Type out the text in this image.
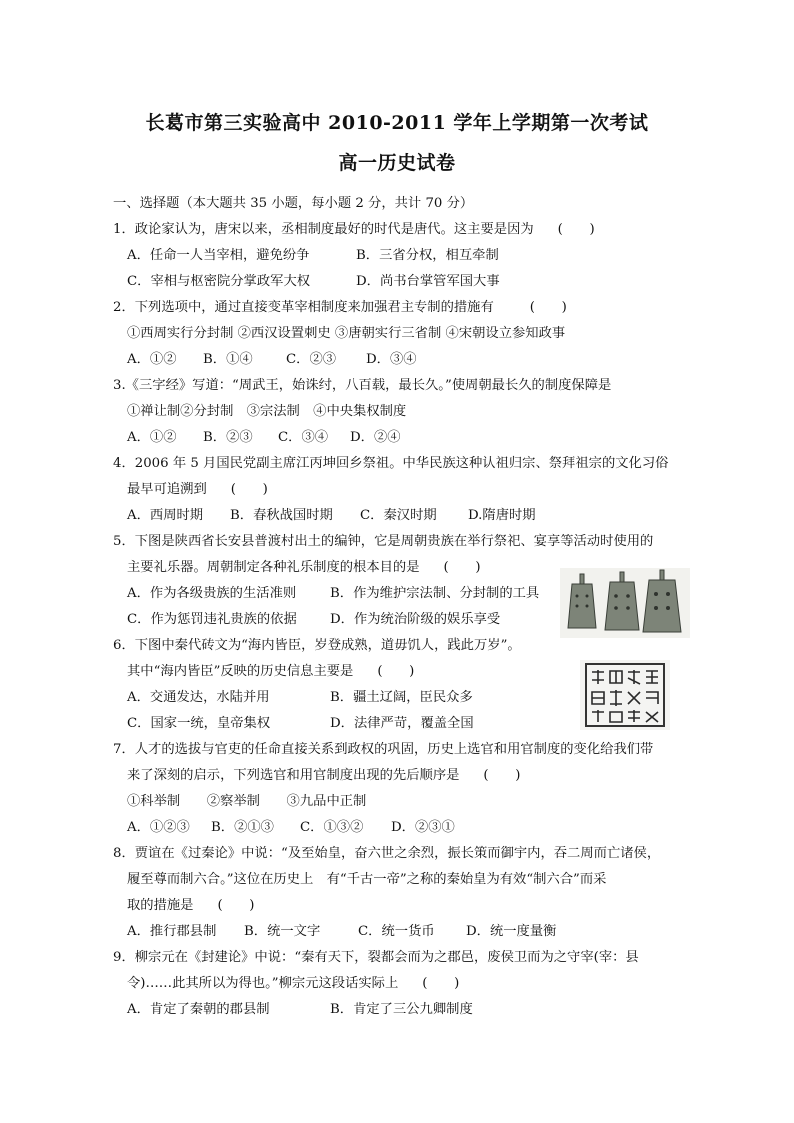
长葛市第三实验高中 2010-2011 学年上学期第一次考试
高一历史试卷
一、选择题（本大题共 35 小题，每小题 2 分，共计 70 分）
1．政论家认为，唐宋以来，丞相制度最好的时代是唐代。这主要是因为 (　　)
A．任命一人当宰相，避免纷争	B．三省分权，相互牵制
C．宰相与枢密院分掌政军大权	D．尚书台掌管军国大事
2．下列选项中，通过直接变革宰相制度来加强君主专制的措施有	(　　)
①西周实行分封制 ②西汉设置刺史 ③唐朝实行三省制 ④宋朝设立参知政事
A．①② B．①④	C．②③ D．③④
3.《三字经》写道：“周武王，始诛纣，八百载，最长久。”使周朝最长久的制度保障是
①禅让制②分封制　③宗法制　④中央集权制度
A．①② B．②③ C．③④ D．②④
4．2006 年 5 月国民党副主席江丙坤回乡祭祖。中华民族这种认祖归宗、祭拜祖宗的文化习俗
最早可追溯到 (　　)
A．西周时期 B．春秋战国时期 C．秦汉时期 D.隋唐时期
5．下图是陕西省长安县普渡村出土的编钟，它是周朝贵族在举行祭祀、宴享等活动时使用的
主要礼乐器。周朝制定各种礼乐制度的根本目的是 (　　)
A．作为各级贵族的生活准则	B．作为维护宗法制、分封制的工具
C．作为惩罚违礼贵族的依据	D．作为统治阶级的娱乐享受
6．下图中秦代砖文为“海内皆臣，岁登成熟，道毋饥人，践此万岁”。
其中“海内皆臣”反映的历史信息主要是 (　　)
A．交通发达，水陆并用	B．疆土辽阔，臣民众多
C．国家一统，皇帝集权	D．法律严苛，覆盖全国
7．人才的选拔与官吏的任命直接关系到政权的巩固，历史上选官和用官制度的变化给我们带
来了深刻的启示，下列选官和用官制度出现的先后顺序是 (　　)
①科举制　　②察举制　　③九品中正制
A．①②③ B．②①③ C．①③② D．②③①
8．贾谊在《过秦论》中说：“及至始皇，奋六世之余烈，振长策而御宇内，吞二周而亡诸侯，
履至尊而制六合。”这位在历史上　有“千古一帝”之称的秦始皇为有效“制六合”而采
取的措施是 (　　)
A．推行郡县制 B．统一文字	C．统一货币 D．统一度量衡
9．柳宗元在《封建论》中说：“秦有天下，裂都会而为之郡邑，废侯卫而为之守宰(宰：县
令)……此其所以为得也。”柳宗元这段话实际上 (　　)
A．肯定了秦朝的郡县制	B．肯定了三公九卿制度
